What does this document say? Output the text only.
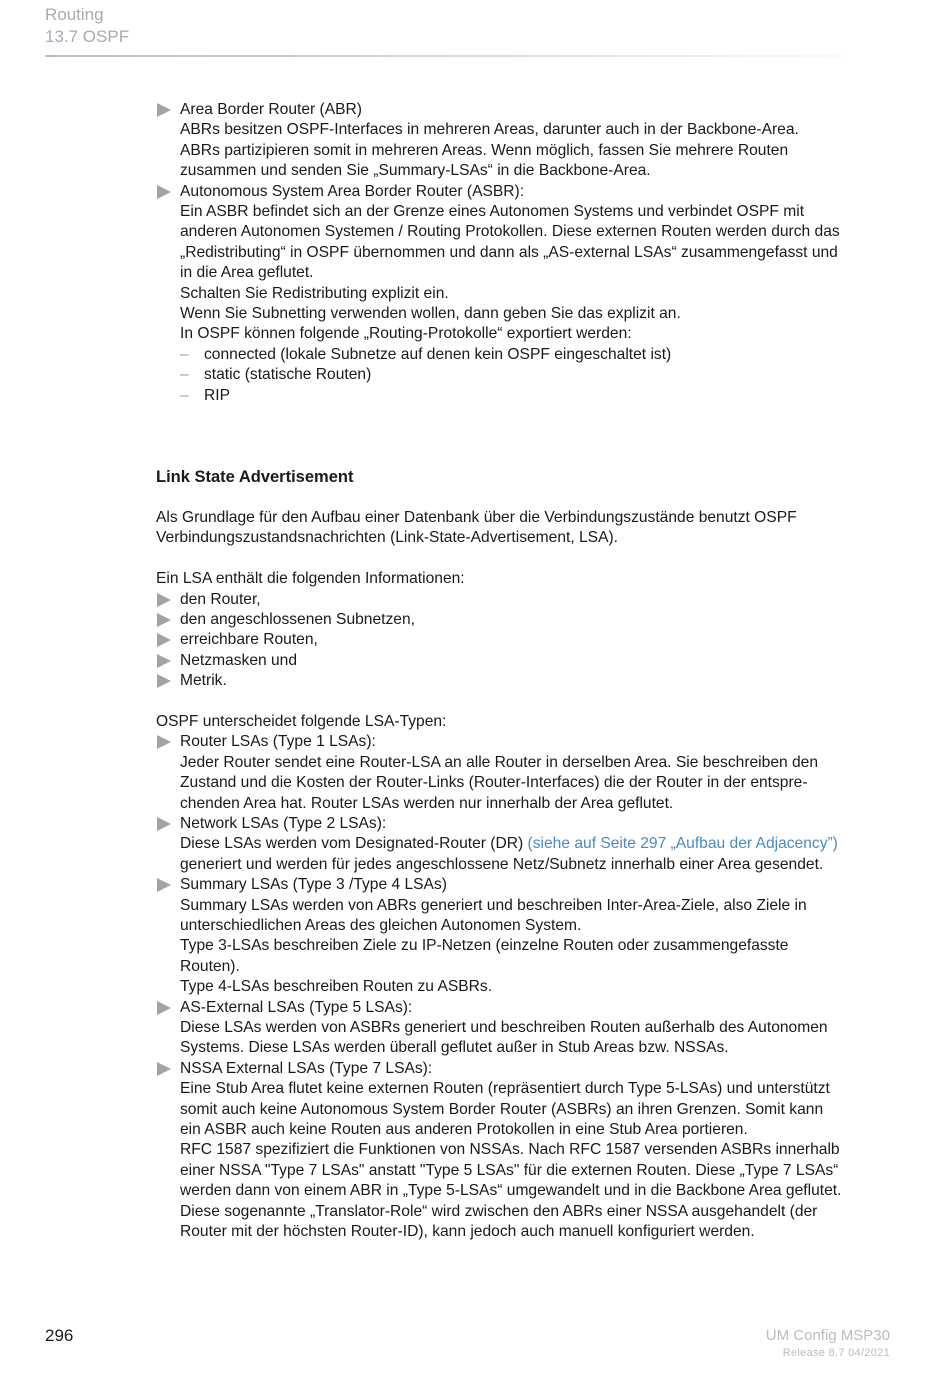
Routing
13.7 OSPF
Area Border Router (ABR)
ABRs besitzen OSPF-Interfaces in mehreren Areas, darunter auch in der Backbone-Area.
ABRs partizipieren somit in mehreren Areas. Wenn möglich, fassen Sie mehrere Routen
zusammen und senden Sie „Summary-LSAs“ in die Backbone-Area.
Autonomous System Area Border Router (ASBR):
Ein ASBR befindet sich an der Grenze eines Autonomen Systems und verbindet OSPF mit
anderen Autonomen Systemen / Routing Protokollen. Diese externen Routen werden durch das
„Redistributing“ in OSPF übernommen und dann als „AS-external LSAs“ zusammengefasst und
in die Area geflutet.
Schalten Sie Redistributing explizit ein.
Wenn Sie Subnetting verwenden wollen, dann geben Sie das explizit an.
In OSPF können folgende „Routing-Protokolle“ exportiert werden:
– connected (lokale Subnetze auf denen kein OSPF eingeschaltet ist)
– static (statische Routen)
– RIP
Link State Advertisement
Als Grundlage für den Aufbau einer Datenbank über die Verbindungszustände benutzt OSPF
Verbindungszustandsnachrichten (Link-State-Advertisement, LSA).
Ein LSA enthält die folgenden Informationen:
den Router,
den angeschlossenen Subnetzen,
erreichbare Routen,
Netzmasken und
Metrik.
OSPF unterscheidet folgende LSA-Typen:
Router LSAs (Type 1 LSAs):
Jeder Router sendet eine Router-LSA an alle Router in derselben Area. Sie beschreiben den
Zustand und die Kosten der Router-Links (Router-Interfaces) die der Router in der entspre-
chenden Area hat. Router LSAs werden nur innerhalb der Area geflutet.
Network LSAs (Type 2 LSAs):
Diese LSAs werden vom Designated-Router (DR) (siehe auf Seite 297 „Aufbau der Adjacency”)
generiert und werden für jedes angeschlossene Netz/Subnetz innerhalb einer Area gesendet.
Summary LSAs (Type 3 /Type 4 LSAs)
Summary LSAs werden von ABRs generiert und beschreiben Inter-Area-Ziele, also Ziele in
unterschiedlichen Areas des gleichen Autonomen System.
Type 3-LSAs beschreiben Ziele zu IP-Netzen (einzelne Routen oder zusammengefasste
Routen).
Type 4-LSAs beschreiben Routen zu ASBRs.
AS-External LSAs (Type 5 LSAs):
Diese LSAs werden von ASBRs generiert und beschreiben Routen außerhalb des Autonomen
Systems. Diese LSAs werden überall geflutet außer in Stub Areas bzw. NSSAs.
NSSA External LSAs (Type 7 LSAs):
Eine Stub Area flutet keine externen Routen (repräsentiert durch Type 5-LSAs) und unterstützt
somit auch keine Autonomous System Border Router (ASBRs) an ihren Grenzen. Somit kann
ein ASBR auch keine Routen aus anderen Protokollen in eine Stub Area portieren.
RFC 1587 spezifiziert die Funktionen von NSSAs. Nach RFC 1587 versenden ASBRs innerhalb
einer NSSA "Type 7 LSAs" anstatt "Type 5 LSAs" für die externen Routen. Diese „Type 7 LSAs“
werden dann von einem ABR in „Type 5-LSAs“ umgewandelt und in die Backbone Area geflutet.
Diese sogenannte „Translator-Role“ wird zwischen den ABRs einer NSSA ausgehandelt (der
Router mit der höchsten Router-ID), kann jedoch auch manuell konfiguriert werden.
296	UM Config MSP30
Release 8.7 04/2021
